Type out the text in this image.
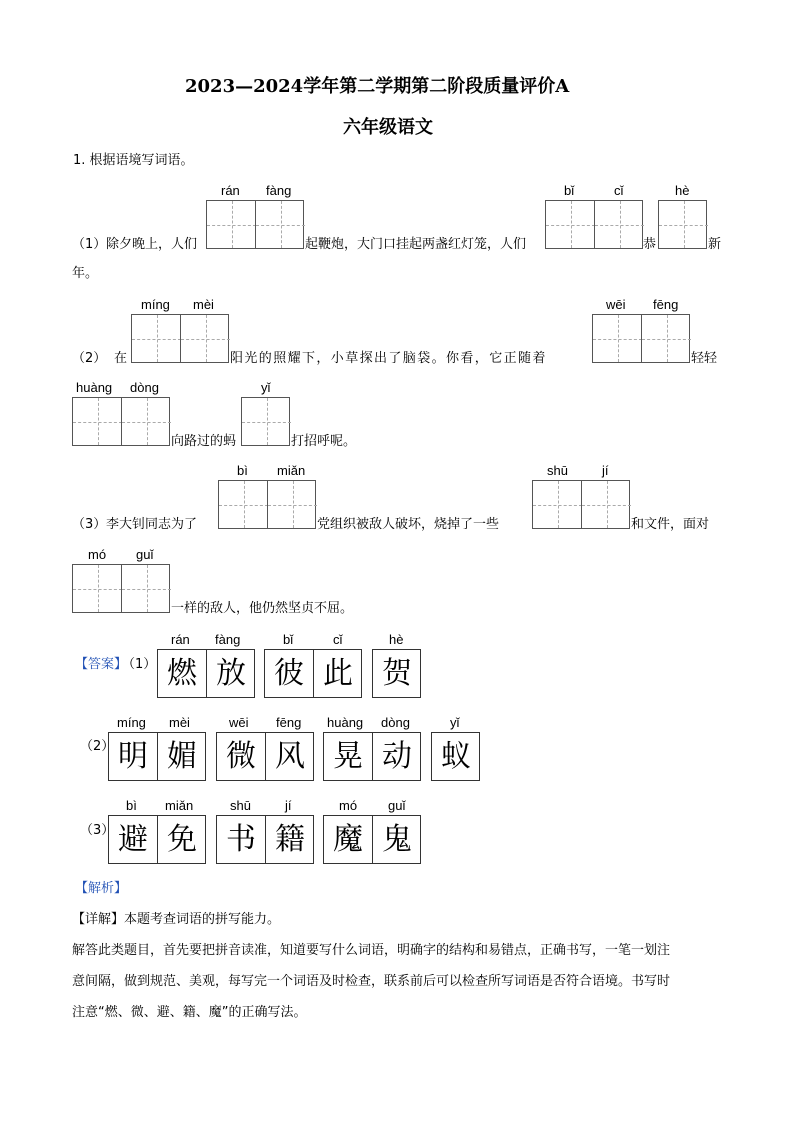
2023—2024学年第二学期第二阶段质量评价A
六年级语文
1. 根据语境写词语。
rán fàng	bǐ	cǐ	hè
（1） 除夕晚上，人们	起鞭炮，大门口挂起两盏红灯笼，人们	恭	新
年。
míng mèi	wēi fēng
（2） 在	阳光的照耀下，小草探出了脑袋。你看，它正随着	轻轻
huàng dòng	yǐ
向路过的蚂	打招呼呢。
bì miǎn	shū	jí
（3） 李大钊同志为了	党组织被敌人破坏，烧掉了一些	和文件，面对
mó guǐ
一样的敌人，他仍然坚贞不屈。
【答案】
（1）
rán fàng
燃 放
bǐ	cǐ
彼 此
hè
贺
（2）
míng mèi
明 媚
wēi fēng
微 风
huàng dòng
晃 动
yǐ
蚁
（3）
bì miǎn
避 免
shū	jí
书 籍
mó guǐ
魔 鬼
【解析】
【详解】本题考查词语的拼写能力。
解答此类题目，首先要把拼音读准，知道要写什么词语，明确字的结构和易错点，正确书写，一笔一划注
意间隔，做到规范、美观，每写完一个词语及时检查，联系前后可以检查所写词语是否符合语境。书写时
注意“燃、微、避、籍、魔”的正确写法。
